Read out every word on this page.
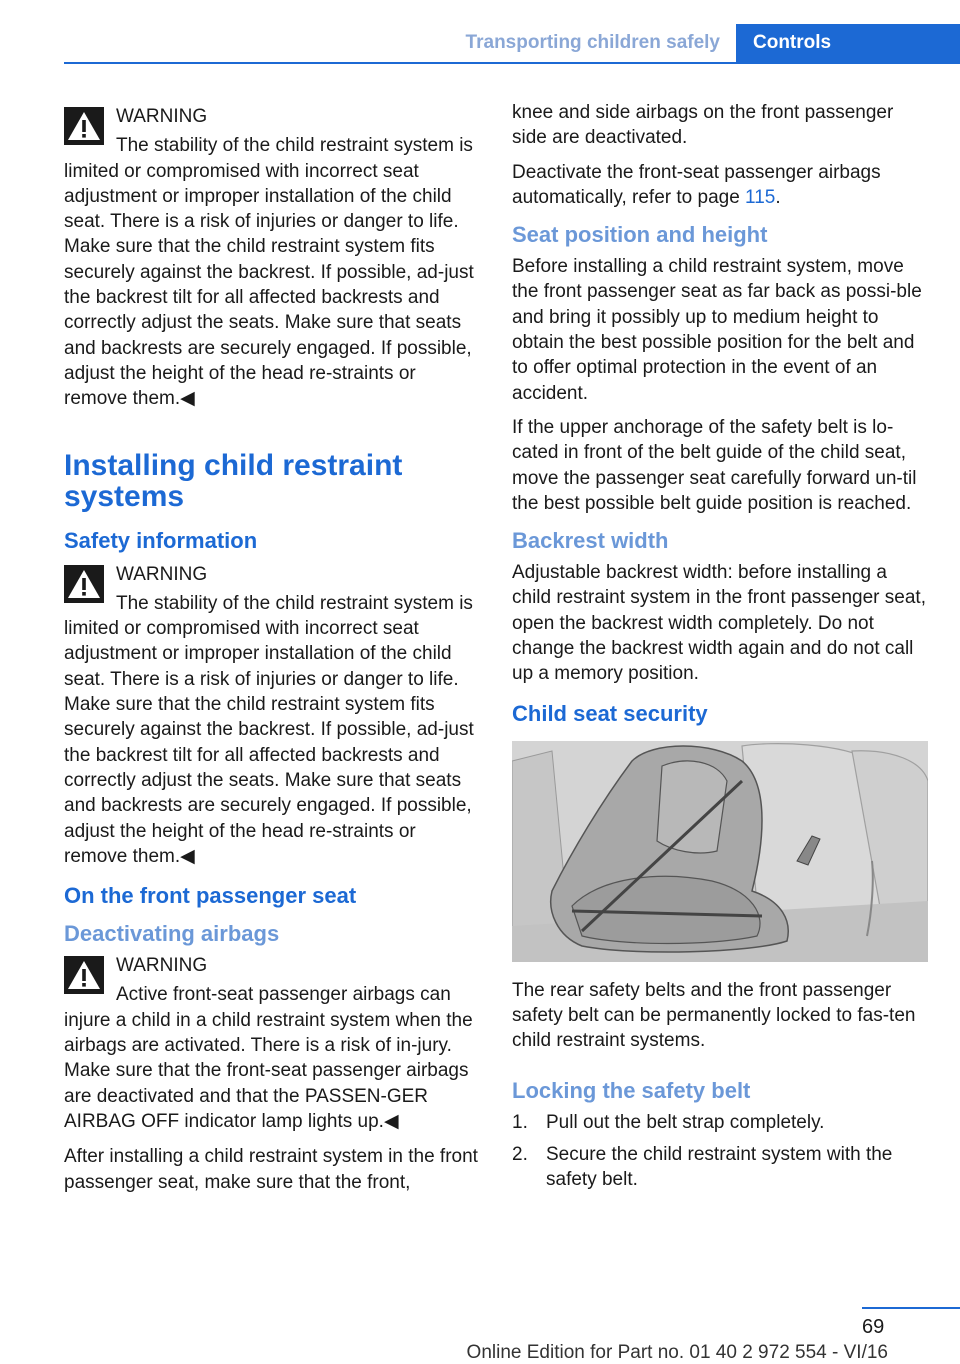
Transporting children safely	Controls
WARNING

The stability of the child restraint system is limited or compromised with incorrect seat adjustment or improper installation of the child seat. There is a risk of injuries or danger to life. Make sure that the child restraint system fits securely against the backrest. If possible, ad-just the backrest tilt for all affected backrests and correctly adjust the seats. Make sure that seats and backrests are securely engaged. If possible, adjust the height of the head re-straints or remove them.◀

Installing child restraint systems
Safety information
WARNING

The stability of the child restraint system is limited or compromised with incorrect seat adjustment or improper installation of the child seat. There is a risk of injuries or danger to life. Make sure that the child restraint system fits securely against the backrest. If possible, ad-just the backrest tilt for all affected backrests and correctly adjust the seats. Make sure that seats and backrests are securely engaged. If possible, adjust the height of the head re-straints or remove them.◀

On the front passenger seat
Deactivating airbags
WARNING

Active front-seat passenger airbags can injure a child in a child restraint system when the airbags are activated. There is a risk of in-jury. Make sure that the front-seat passenger airbags are deactivated and that the PASSEN-GER AIRBAG OFF indicator lamp lights up.◀

After installing a child restraint system in the front passenger seat, make sure that the front,

knee and side airbags on the front passenger side are deactivated.

Deactivate the front-seat passenger airbags automatically, refer to page 115.

Seat position and height

Before installing a child restraint system, move the front passenger seat as far back as possi-ble and bring it possibly up to medium height to obtain the best possible position for the belt and to offer optimal protection in the event of an accident.

If the upper anchorage of the safety belt is lo-cated in front of the belt guide of the child seat, move the passenger seat carefully forward un-til the best possible belt guide position is reached.

Backrest width

Adjustable backrest width: before installing a child restraint system in the front passenger seat, open the backrest width completely. Do not change the backrest width again and do not call up a memory position.

Child seat security

The rear safety belts and the front passenger safety belt can be permanently locked to fas-ten child restraint systems.

Locking the safety belt
1. Pull out the belt strap completely.
2. Secure the child restraint system with the safety belt.
69
Online Edition for Part no. 01 40 2 972 554 - VI/16
